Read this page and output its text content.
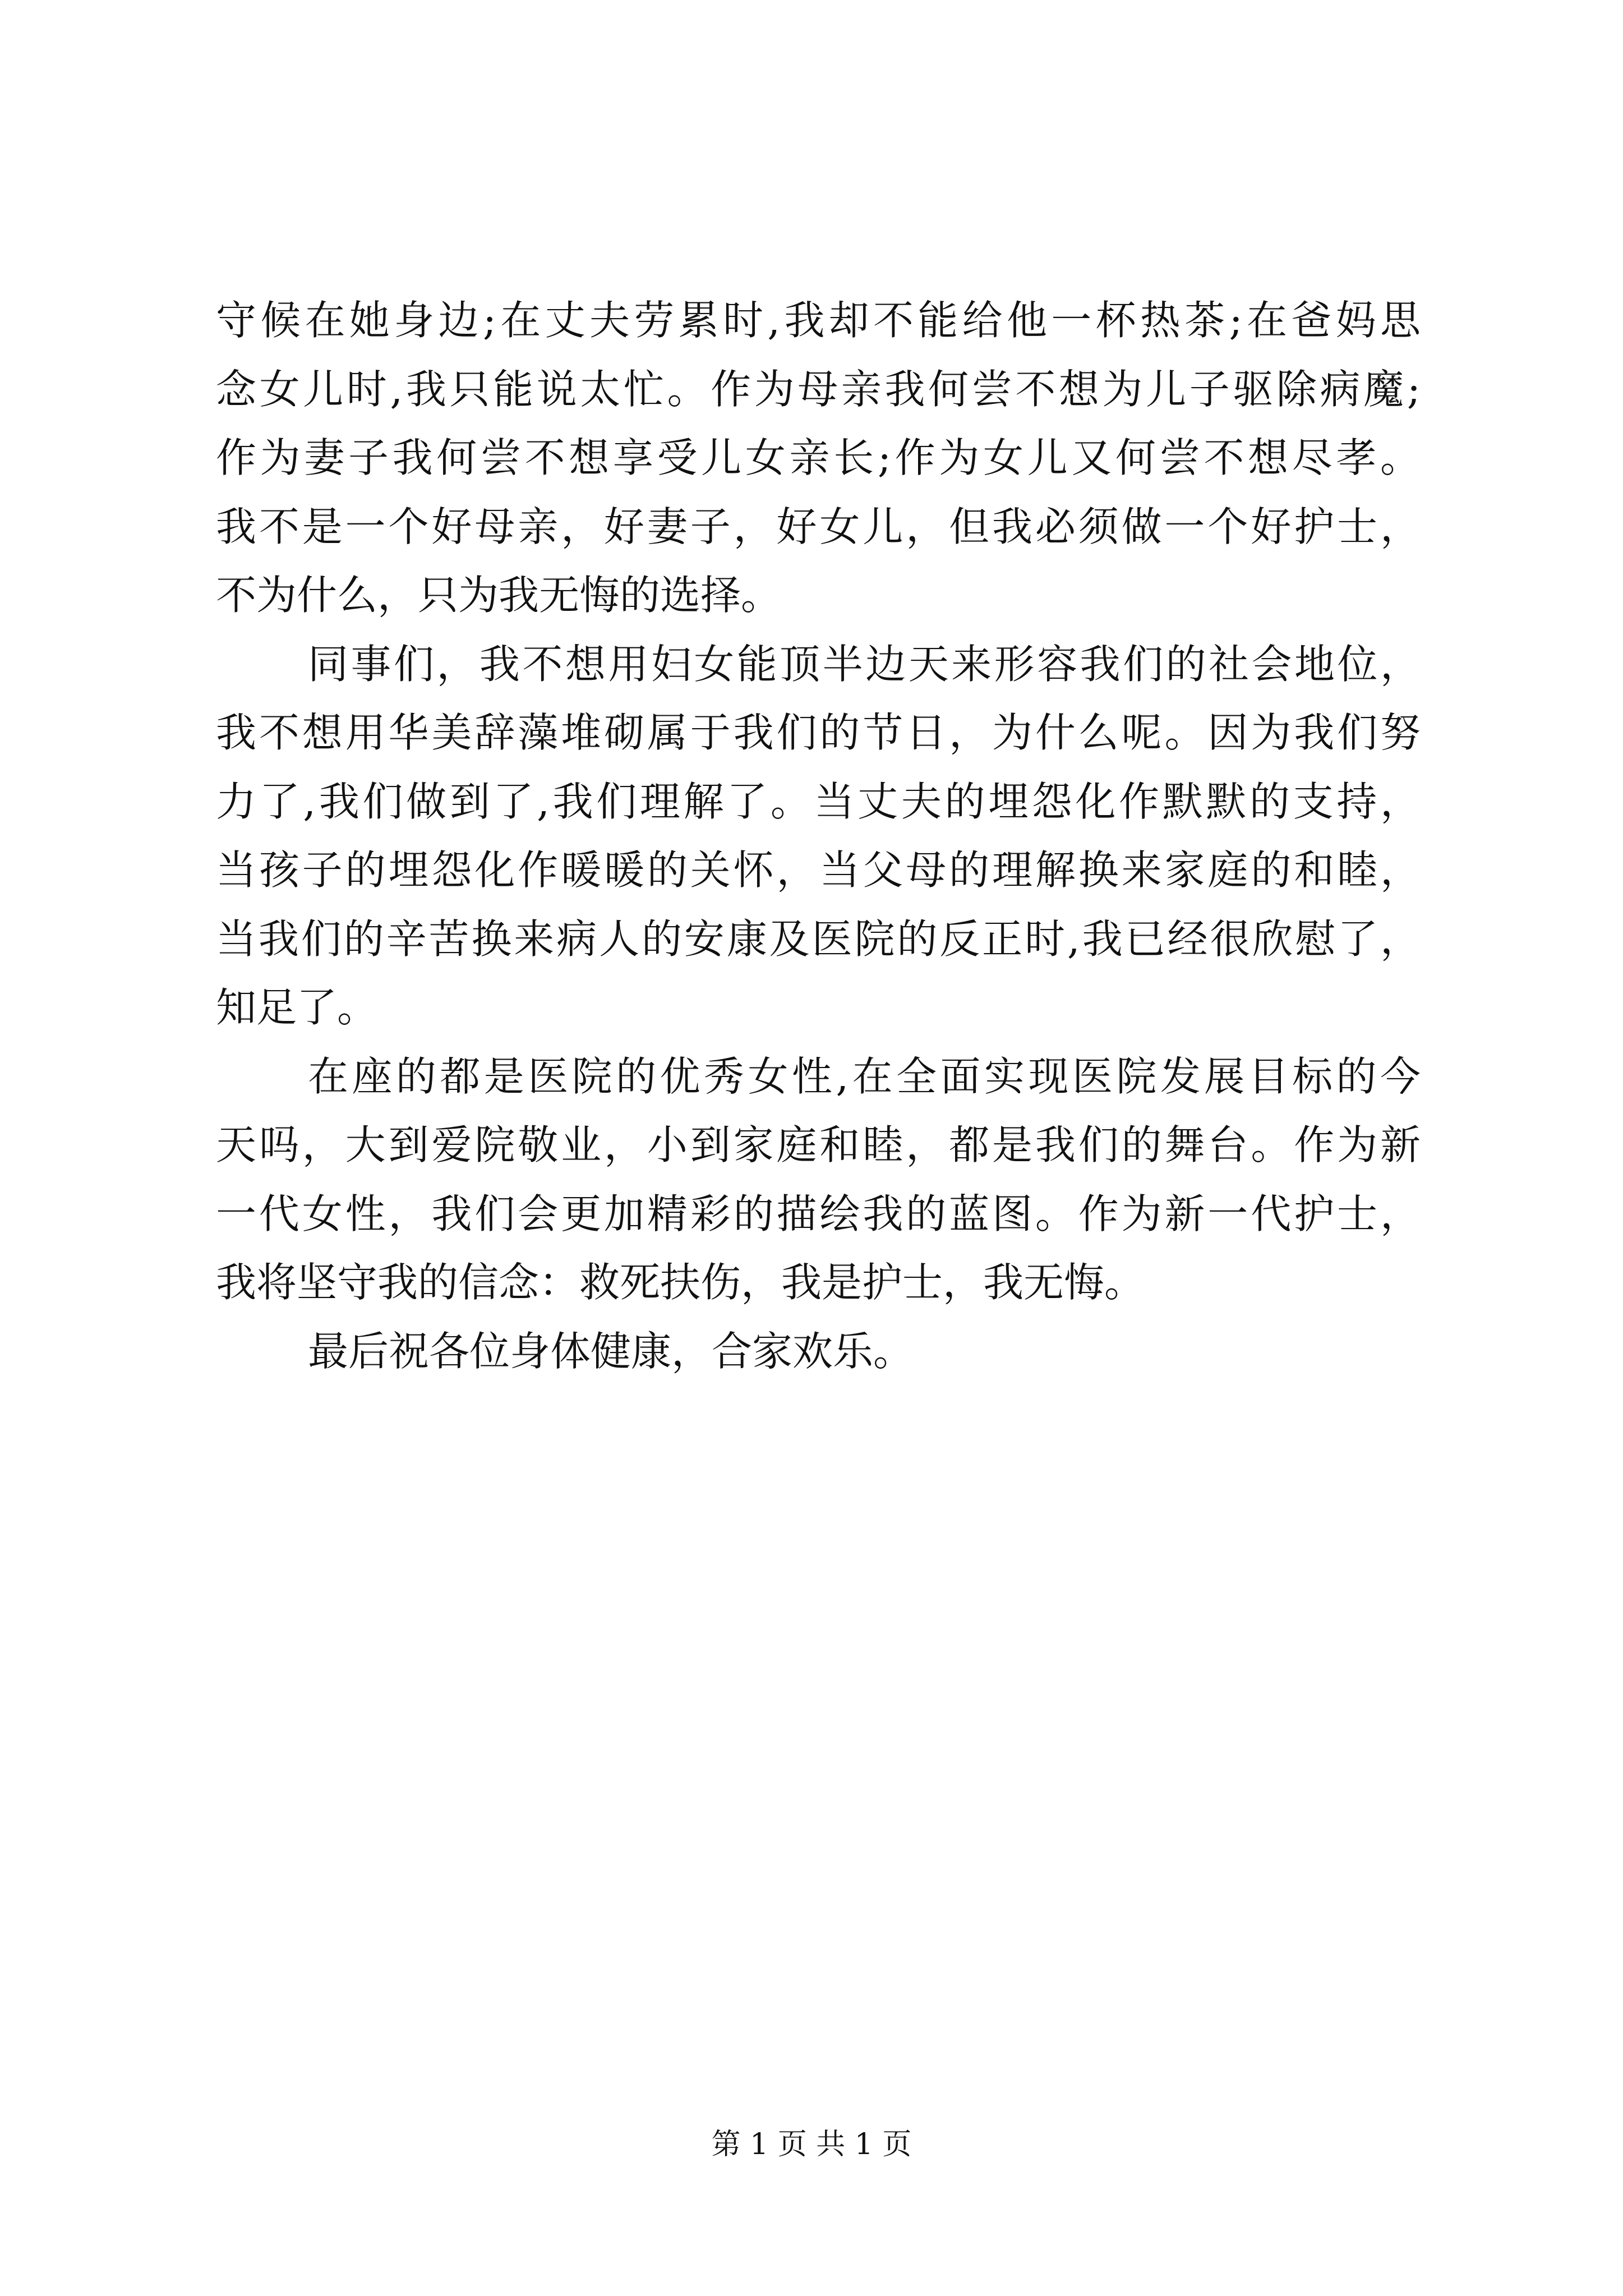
守候在她身边;在丈夫劳累时,我却不能给他一杯热茶;在爸妈思
念女儿时,我只能说太忙。作为母亲我何尝不想为儿子驱除病魔;
作为妻子我何尝不想享受儿女亲长;作为女儿又何尝不想尽孝。
我不是一个好母亲，好妻子，好女儿，但我必须做一个好护士，
不为什么，只为我无悔的选择。
同事们，我不想用妇女能顶半边天来形容我们的社会地位，
我不想用华美辞藻堆砌属于我们的节日，为什么呢。因为我们努
力了,我们做到了,我们理解了。当丈夫的埋怨化作默默的支持，
当孩子的埋怨化作暖暖的关怀，当父母的理解换来家庭的和睦，
当我们的辛苦换来病人的安康及医院的反正时,我已经很欣慰了，
知足了。
在座的都是医院的优秀女性,在全面实现医院发展目标的今
天吗，大到爱院敬业，小到家庭和睦，都是我们的舞台。作为新
一代女性，我们会更加精彩的描绘我的蓝图。作为新一代护士，
我将坚守我的信念：救死扶伤，我是护士，我无悔。
最后祝各位身体健康，合家欢乐。
第 1 页 共 1 页
